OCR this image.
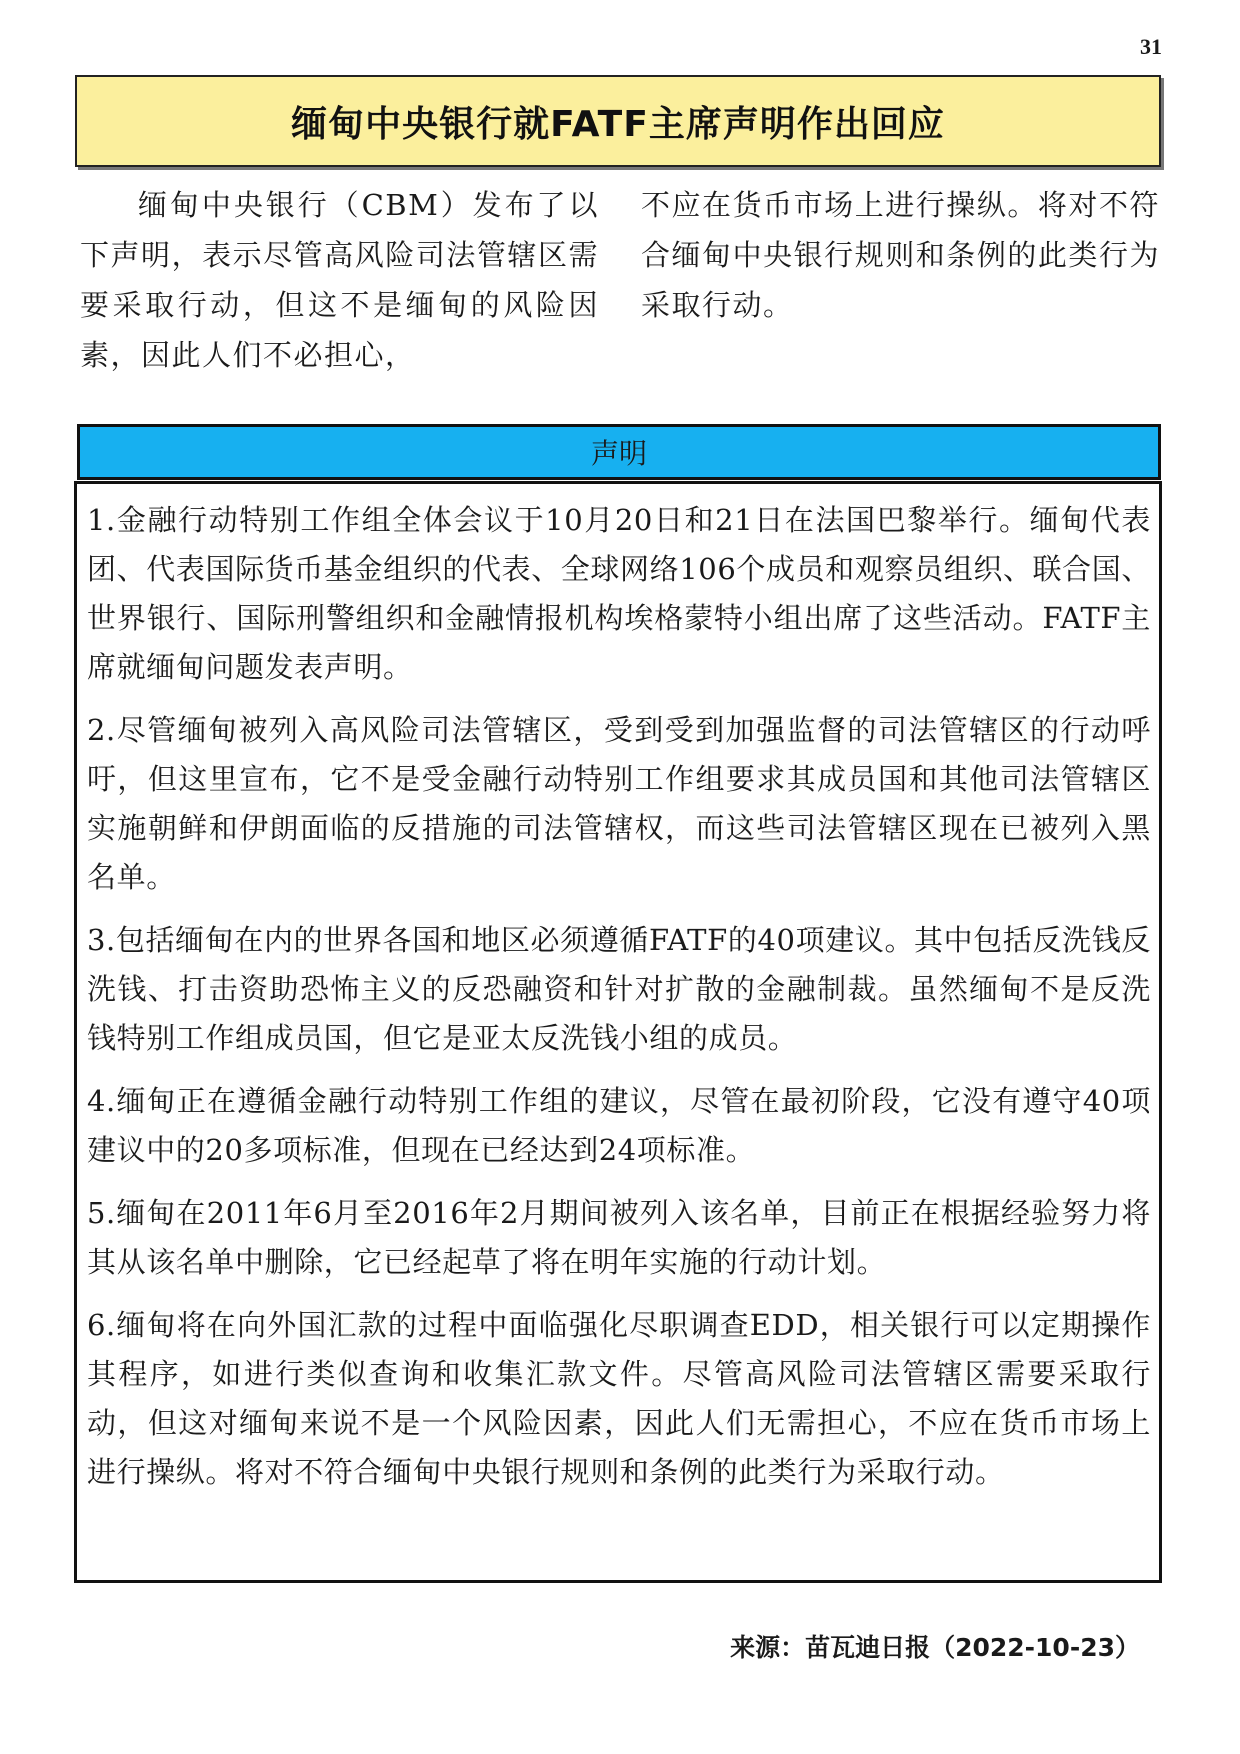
31
缅甸中央银行就FATF主席声明作出回应

缅甸中央银行（CBM）发布了以下声明，表示尽管高风险司法管辖区需要采取行动，但这不是缅甸的风险因素，因此人们不必担心，

不应在货币市场上进行操纵。将对不符合缅甸中央银行规则和条例的此类行为采取行动。

声明

1.金融行动特别工作组全体会议于10月20日和21日在法国巴黎举行。缅甸代表团、代表国际货币基金组织的代表、全球网络106个成员和观察员组织、联合国、世界银行、国际刑警组织和金融情报机构埃格蒙特小组出席了这些活动。FATF主席就缅甸问题发表声明。

2.尽管缅甸被列入高风险司法管辖区，受到受到加强监督的司法管辖区的行动呼吁，但这里宣布，它不是受金融行动特别工作组要求其成员国和其他司法管辖区实施朝鲜和伊朗面临的反措施的司法管辖权，而这些司法管辖区现在已被列入黑名单。

3.包括缅甸在内的世界各国和地区必须遵循FATF的40项建议。其中包括反洗钱反洗钱、打击资助恐怖主义的反恐融资和针对扩散的金融制裁。虽然缅甸不是反洗钱特别工作组成员国，但它是亚太反洗钱小组的成员。

4.缅甸正在遵循金融行动特别工作组的建议，尽管在最初阶段，它没有遵守40项建议中的20多项标准，但现在已经达到24项标准。

5.缅甸在2011年6月至2016年2月期间被列入该名单，目前正在根据经验努力将其从该名单中删除，它已经起草了将在明年实施的行动计划。

6.缅甸将在向外国汇款的过程中面临强化尽职调查EDD，相关银行可以定期操作其程序，如进行类似查询和收集汇款文件。尽管高风险司法管辖区需要采取行动，但这对缅甸来说不是一个风险因素，因此人们无需担心，不应在货币市场上进行操纵。将对不符合缅甸中央银行规则和条例的此类行为采取行动。

来源：苗瓦迪日报（2022-10-23）
